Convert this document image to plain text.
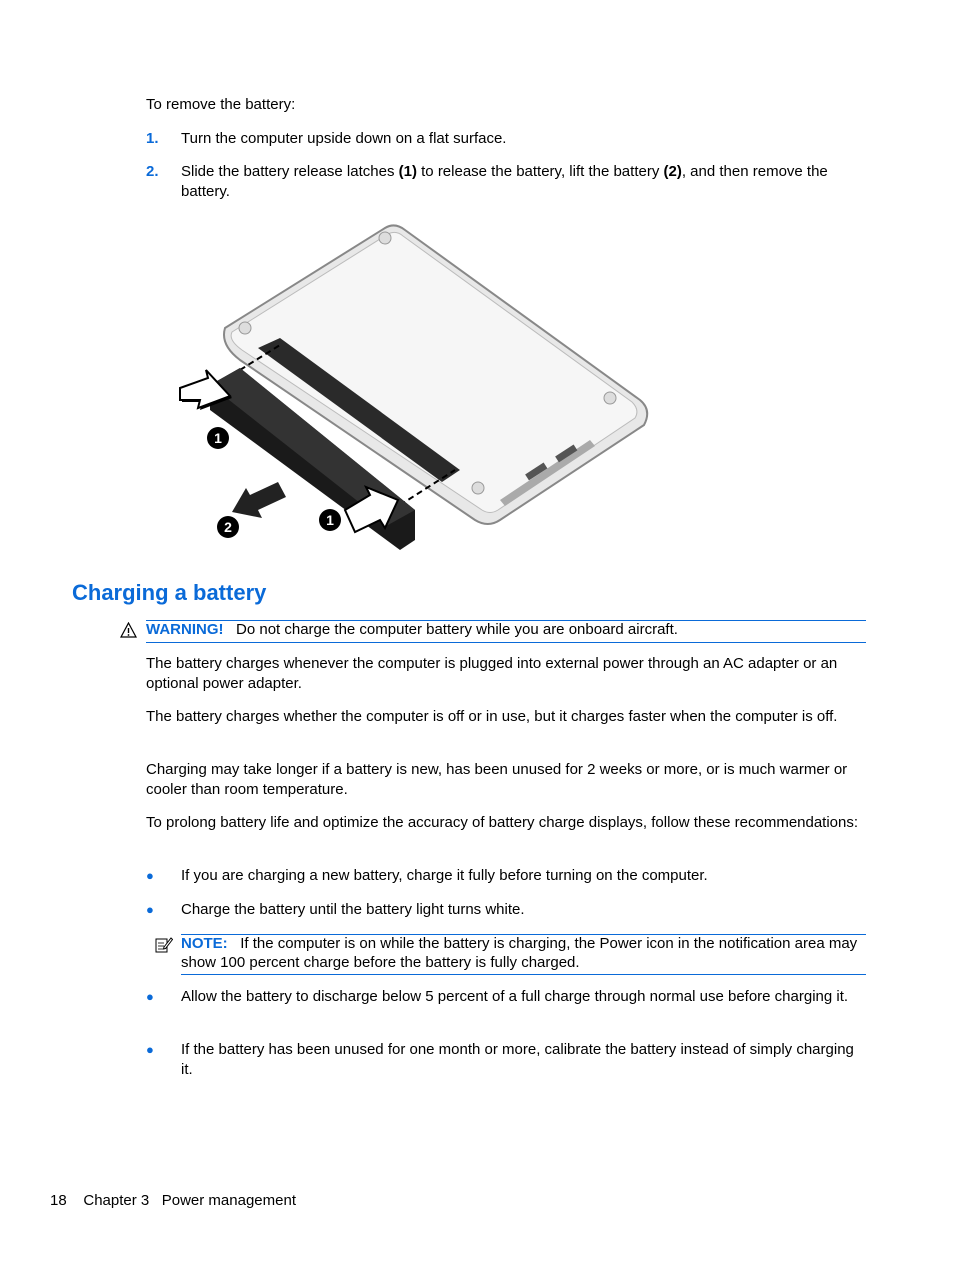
To remove the battery:

1. Turn the computer upside down on a flat surface.
2. Slide the battery release latches (1) to release the battery, lift the battery (2), and then remove the battery.
1
1
2
Charging a battery
WARNING! Do not charge the computer battery while you are onboard aircraft.

The battery charges whenever the computer is plugged into external power through an AC adapter or an optional power adapter.

The battery charges whether the computer is off or in use, but it charges faster when the computer is off.

Charging may take longer if a battery is new, has been unused for 2 weeks or more, or is much warmer or cooler than room temperature.

To prolong battery life and optimize the accuracy of battery charge displays, follow these recommendations:

● If you are charging a new battery, charge it fully before turning on the computer.
● Charge the battery until the battery light turns white.
NOTE: If the computer is on while the battery is charging, the Power icon in the notification area may show 100 percent charge before the battery is fully charged.
● Allow the battery to discharge below 5 percent of a full charge through normal use before charging it.
● If the battery has been unused for one month or more, calibrate the battery instead of simply charging it.
18 Chapter 3 Power management
